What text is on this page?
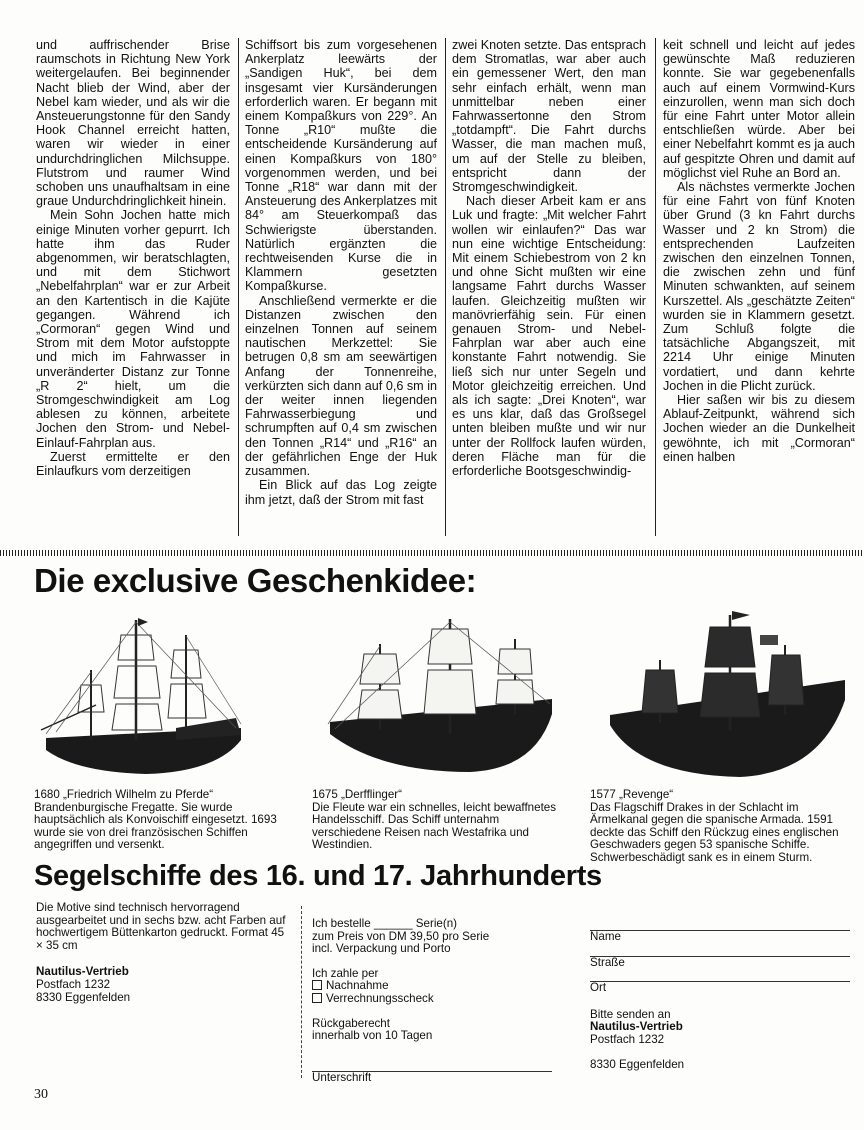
und auffrischender Brise raumschots in Richtung New York weitergelaufen. Bei beginnender Nacht blieb der Wind, aber der Nebel kam wieder, und als wir die Ansteuerungstonne für den Sandy Hook Channel erreicht hatten, waren wir wieder in einer undurchdringlichen Milchsuppe. Flutstrom und raumer Wind schoben uns unaufhaltsam in eine graue Undurchdringlichkeit hinein.

Mein Sohn Jochen hatte mich einige Minuten vorher gepurrt. Ich hatte ihm das Ruder abgenommen, wir beratschlagten, und mit dem Stichwort „Nebelfahrplan“ war er zur Arbeit an den Kartentisch in die Kajüte gegangen. Während ich „Cormoran“ gegen Wind und Strom mit dem Motor aufstoppte und mich im Fahrwasser in unveränderter Distanz zur Tonne „R 2“ hielt, um die Stromgeschwindigkeit am Log ablesen zu können, arbeitete Jochen den Strom- und Nebel-Einlauf-Fahrplan aus.

Zuerst ermittelte er den Einlaufkurs vom derzeitigen

Schiffsort bis zum vorgesehenen Ankerplatz leewärts der „Sandigen Huk“, bei dem insgesamt vier Kursänderungen erforderlich waren. Er begann mit einem Kompaßkurs von 229°. An Tonne „R10“ mußte die entscheidende Kursänderung auf einen Kompaßkurs von 180° vorgenommen werden, und bei Tonne „R18“ war dann mit der Ansteuerung des Ankerplatzes mit 84° am Steuerkompaß das Schwierigste überstanden. Natürlich ergänzten die rechtweisenden Kurse die in Klammern gesetzten Kompaßkurse.

Anschließend vermerkte er die Distanzen zwischen den einzelnen Tonnen auf seinem nautischen Merkzettel: Sie betrugen 0,8 sm am seewärtigen Anfang der Tonnenreihe, verkürzten sich dann auf 0,6 sm in der weiter innen liegenden Fahrwasserbiegung und schrumpften auf 0,4 sm zwischen den Tonnen „R14“ und „R16“ an der gefährlichen Enge der Huk zusammen.

Ein Blick auf das Log zeigte ihm jetzt, daß der Strom mit fast

zwei Knoten setzte. Das entsprach dem Stromatlas, war aber auch ein gemessener Wert, den man sehr einfach erhält, wenn man unmittelbar neben einer Fahrwassertonne den Strom „totdampft“. Die Fahrt durchs Wasser, die man machen muß, um auf der Stelle zu bleiben, entspricht dann der Stromgeschwindigkeit.

Nach dieser Arbeit kam er ans Luk und fragte: „Mit welcher Fahrt wollen wir einlaufen?“ Das war nun eine wichtige Entscheidung: Mit einem Schiebestrom von 2 kn und ohne Sicht mußten wir eine langsame Fahrt durchs Wasser laufen. Gleichzeitig mußten wir manövrierfähig sein. Für einen genauen Strom- und Nebel-Fahrplan war aber auch eine konstante Fahrt notwendig. Sie ließ sich nur unter Segeln und Motor gleichzeitig erreichen. Und als ich sagte: „Drei Knoten“, war es uns klar, daß das Großsegel unten bleiben mußte und wir nur unter der Rollfock laufen würden, deren Fläche man für die erforderliche Bootsgeschwindig-

keit schnell und leicht auf jedes gewünschte Maß reduzieren konnte. Sie war gegebenenfalls auch auf einem Vormwind-Kurs einzurollen, wenn man sich doch für eine Fahrt unter Motor allein entschließen würde. Aber bei einer Nebelfahrt kommt es ja auch auf gespitzte Ohren und damit auf möglichst viel Ruhe an Bord an.

Als nächstes vermerkte Jochen für eine Fahrt von fünf Knoten über Grund (3 kn Fahrt durchs Wasser und 2 kn Strom) die entsprechenden Laufzeiten zwischen den einzelnen Tonnen, die zwischen zehn und fünf Minuten schwankten, auf seinem Kurszettel. Als „geschätzte Zeiten“ wurden sie in Klammern gesetzt. Zum Schluß folgte die tatsächliche Abgangszeit, mit 2214 Uhr einige Minuten vordatiert, und dann kehrte Jochen in die Plicht zurück.

Hier saßen wir bis zu diesem Ablauf-Zeitpunkt, während sich Jochen wieder an die Dunkelheit gewöhnte, ich mit „Cormoran“ einen halben

Die exclusive Geschenkidee:
1680 „Friedrich Wilhelm zu Pferde“
Brandenburgische Fregatte. Sie wurde hauptsächlich als Konvoischiff eingesetzt. 1693 wurde sie von drei französischen Schiffen angegriffen und versenkt.
1675 „Derfflinger“
Die Fleute war ein schnelles, leicht bewaffnetes Handelsschiff. Das Schiff unternahm verschiedene Reisen nach Westafrika und Westindien.
1577 „Revenge“
Das Flagschiff Drakes in der Schlacht im Ärmelkanal gegen die spanische Armada. 1591 deckte das Schiff den Rückzug eines englischen Geschwaders gegen 53 spanische Schiffe. Schwerbeschädigt sank es in einem Sturm.
Segelschiffe des 16. und 17. Jahrhunderts
Die Motive sind technisch hervorragend ausgearbeitet und in sechs bzw. acht Farben auf hochwertigem Büttenkarton gedruckt. Format 45 × 35 cm
Nautilus-Vertrieb
Postfach 1232
8330 Eggenfelden
Ich bestelle ______ Serie(n)
zum Preis von DM 39,50 pro Serie
incl. Verpackung und Porto
Ich zahle per
Nachnahme
Verrechnungsscheck
Rückgaberecht
innerhalb von 10 Tagen
Unterschrift
Name
Straße
Ort
Bitte senden an
Nautilus-Vertrieb
Postfach 1232
8330 Eggenfelden
30
